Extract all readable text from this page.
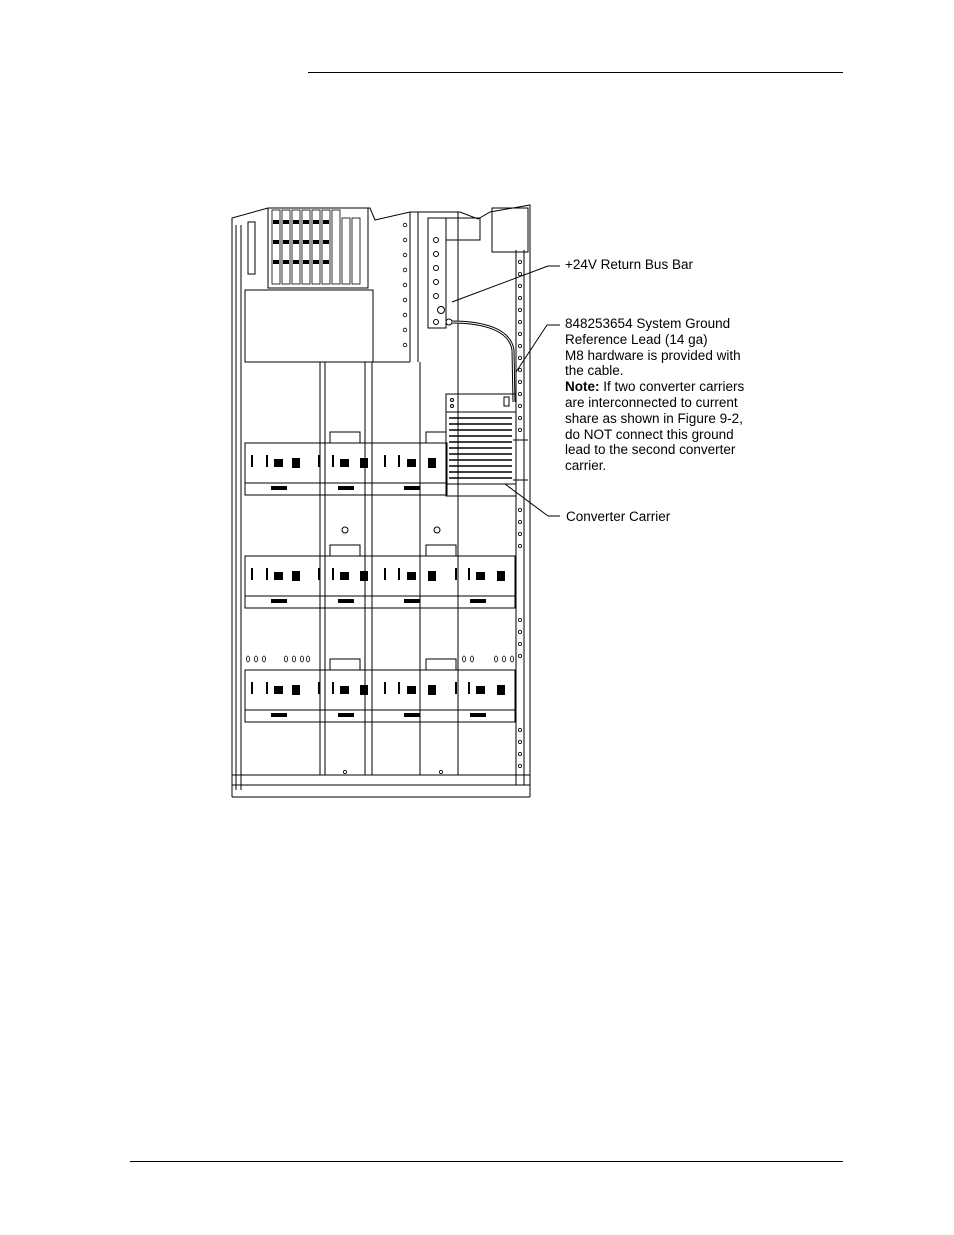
+24V Return Bus Bar
848253654 System Ground
Reference Lead (14 ga)
M8 hardware is provided with
the cable.
Note: If two converter carriers
are interconnected to current
share as shown in Figure 9-2,
do NOT connect this ground
lead to the second converter
carrier.
Converter Carrier
